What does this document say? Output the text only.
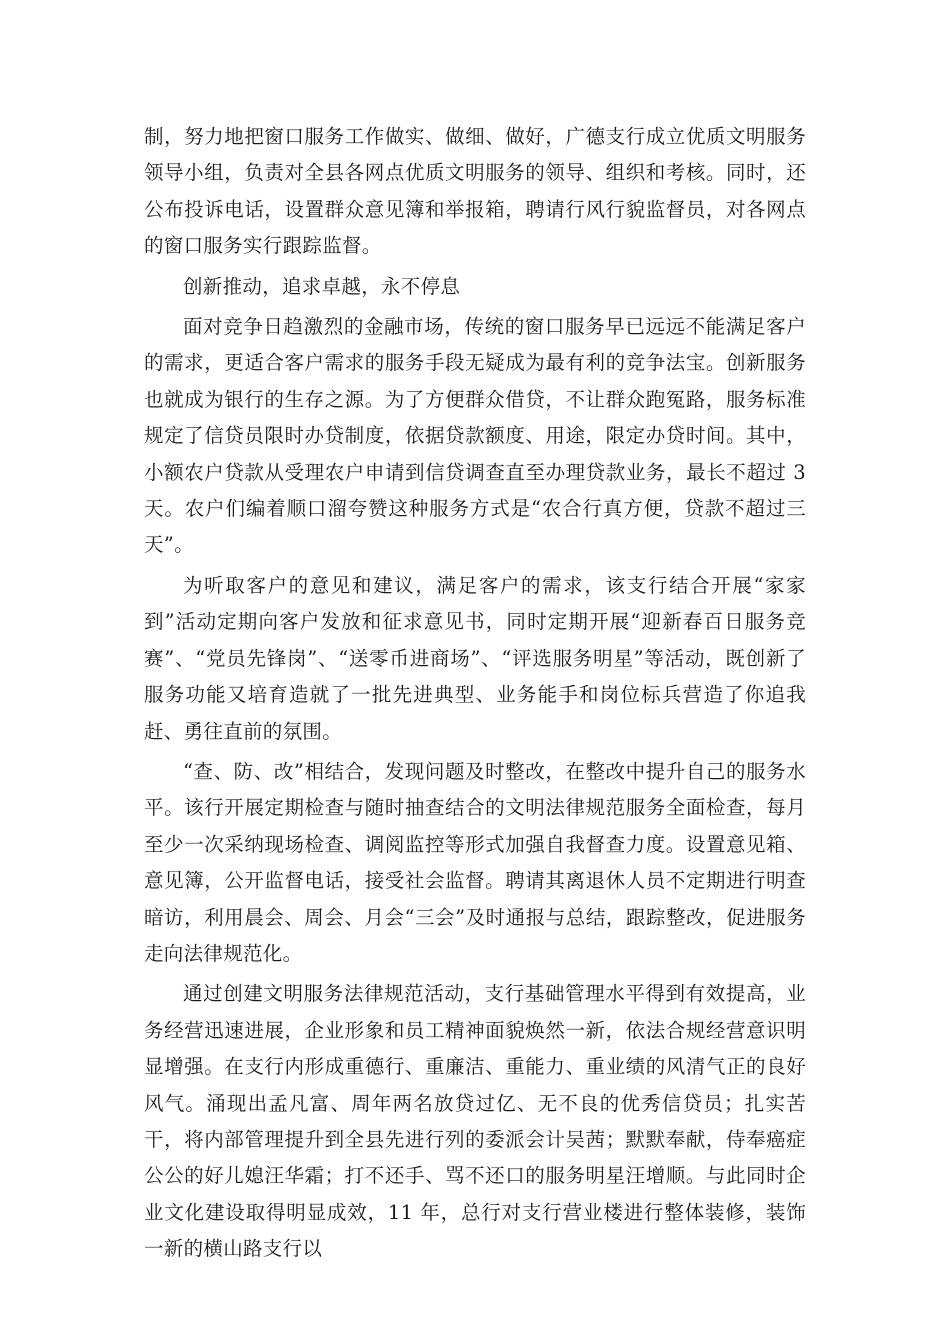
制，努力地把窗口服务工作做实、做细、做好，广德支行成立优质文明服务领导小组，负责对全县各网点优质文明服务的领导、组织和考核。同时，还公布投诉电话，设置群众意见簿和举报箱，聘请行风行貌监督员，对各网点的窗口服务实行跟踪监督。

创新推动，追求卓越，永不停息

面对竞争日趋激烈的金融市场，传统的窗口服务早已远远不能满足客户的需求，更适合客户需求的服务手段无疑成为最有利的竞争法宝。创新服务也就成为银行的生存之源。为了方便群众借贷，不让群众跑冤路，服务标准规定了信贷员限时办贷制度，依据贷款额度、用途，限定办贷时间。其中，小额农户贷款从受理农户申请到信贷调查直至办理贷款业务，最长不超过 3 天。农户们编着顺口溜夸赞这种服务方式是“农合行真方便，贷款不超过三天”。

为听取客户的意见和建议，满足客户的需求，该支行结合开展“家家到”活动定期向客户发放和征求意见书，同时定期开展“迎新春百日服务竞赛”、“党员先锋岗”、“送零币进商场”、“评选服务明星”等活动，既创新了服务功能又培育造就了一批先进典型、业务能手和岗位标兵营造了你追我赶、勇往直前的氛围。

“查、防、改”相结合，发现问题及时整改，在整改中提升自己的服务水平。该行开展定期检查与随时抽查结合的文明法律规范服务全面检查，每月至少一次采纳现场检查、调阅监控等形式加强自我督查力度。设置意见箱、意见簿，公开监督电话，接受社会监督。聘请其离退休人员不定期进行明查暗访，利用晨会、周会、月会“三会”及时通报与总结，跟踪整改，促进服务走向法律规范化。

通过创建文明服务法律规范活动，支行基础管理水平得到有效提高，业务经营迅速进展，企业形象和员工精神面貌焕然一新，依法合规经营意识明显增强。在支行内形成重德行、重廉洁、重能力、重业绩的风清气正的良好风气。涌现出孟凡富、周年两名放贷过亿、无不良的优秀信贷员；扎实苦干，将内部管理提升到全县先进行列的委派会计吴茜；默默奉献，侍奉癌症公公的好儿媳汪华霜；打不还手、骂不还口的服务明星汪增顺。与此同时企业文化建设取得明显成效，11 年，总行对支行营业楼进行整体装修，装饰一新的横山路支行以
